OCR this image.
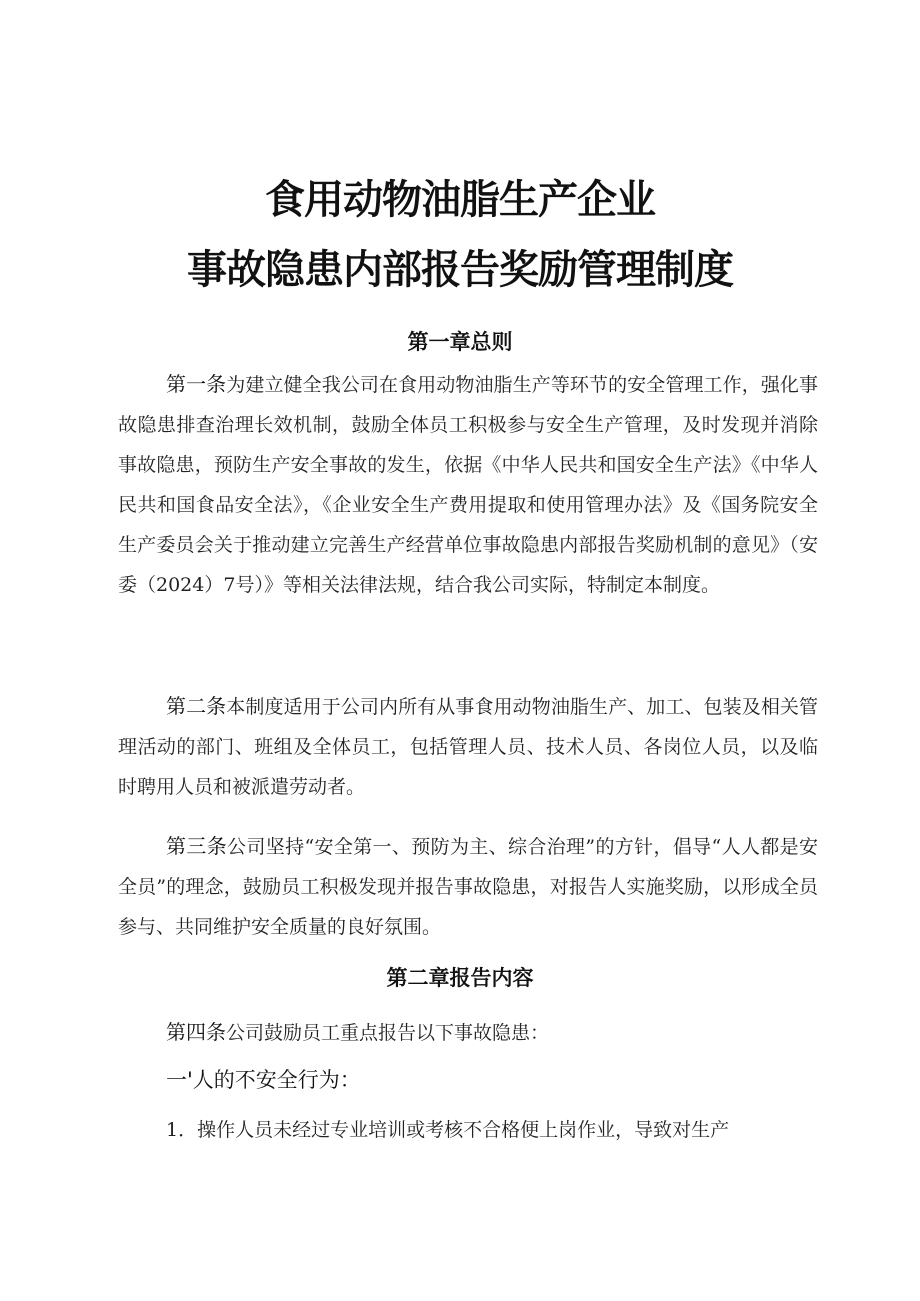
食用动物油脂生产企业
事故隐患内部报告奖励管理制度
第一章总则

第一条为建立健全我公司在食用动物油脂生产等环节的安全管理工作，强化事故隐患排查治理长效机制，鼓励全体员工积极参与安全生产管理，及时发现并消除事故隐患，预防生产安全事故的发生，依据《中华人民共和国安全生产法》《中华人民共和国食品安全法》，《企业安全生产费用提取和使用管理办法》及《国务院安全生产委员会关于推动建立完善生产经营单位事故隐患内部报告奖励机制的意见》（安委（2024）7号）》等相关法律法规，结合我公司实际，特制定本制度。

第二条本制度适用于公司内所有从事食用动物油脂生产、加工、包装及相关管理活动的部门、班组及全体员工，包括管理人员、技术人员、各岗位人员，以及临时聘用人员和被派遣劳动者。

第三条公司坚持“安全第一、预防为主、综合治理”的方针，倡导“人人都是安全员”的理念，鼓励员工积极发现并报告事故隐患，对报告人实施奖励，以形成全员参与、共同维护安全质量的良好氛围。

第二章报告内容

第四条公司鼓励员工重点报告以下事故隐患：

一'人的不安全行为：

1．操作人员未经过专业培训或考核不合格便上岗作业，导致对生产
